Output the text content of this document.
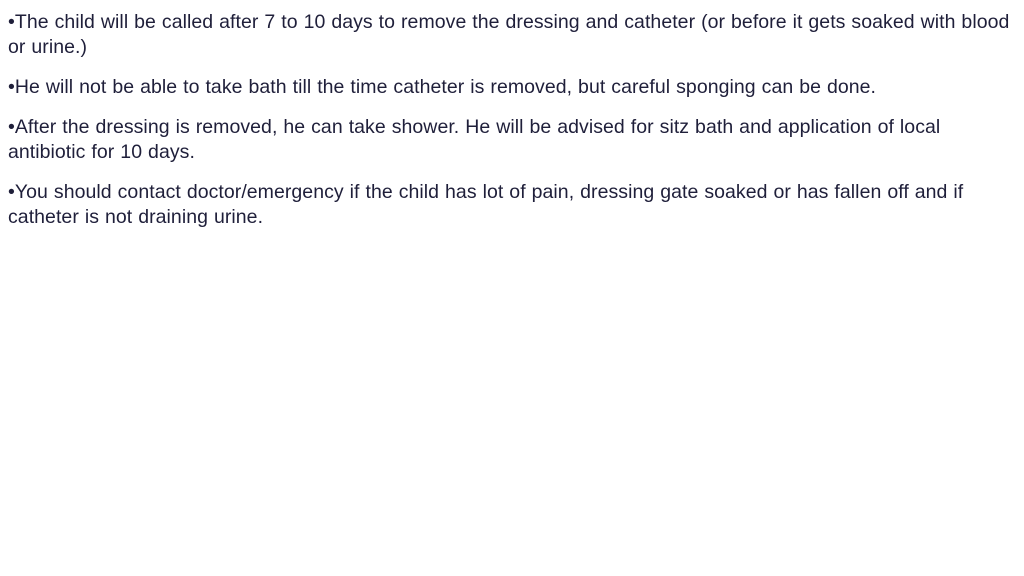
•The child will be called after 7 to 10 days to remove the dressing and catheter (or before it gets soaked with blood or urine.)

•He will not be able to take bath till the time catheter is removed, but careful sponging can be done.

•After the dressing is removed, he can take shower. He will be advised for sitz bath and application of local antibiotic for 10 days.

•You should contact doctor/emergency if the child has lot of pain, dressing gate soaked or has fallen off and if catheter is not draining urine.
